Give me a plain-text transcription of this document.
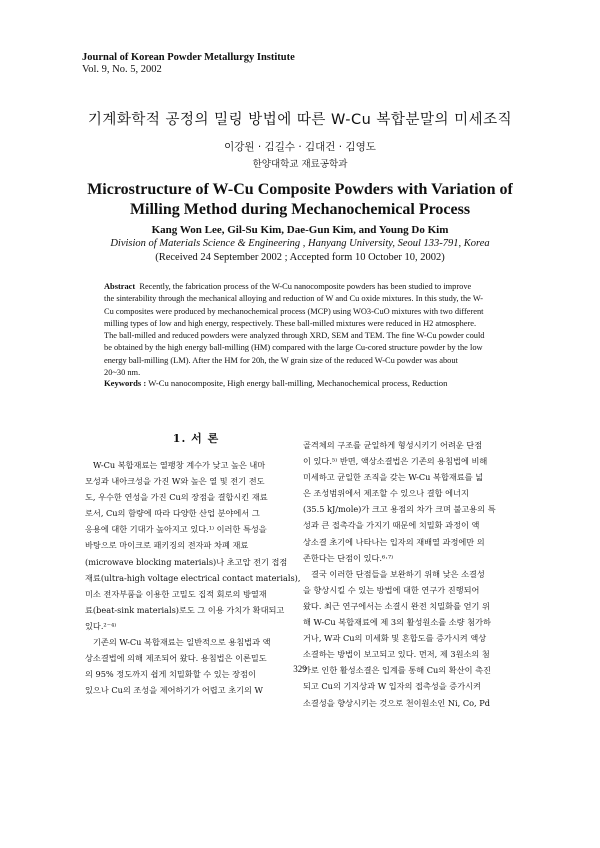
Journal of Korean Powder Metallurgy Institute
Vol. 9, No. 5, 2002
기계화학적 공정의 밀링 방법에 따른 W-Cu 복합분말의 미세조직
이강원 · 김길수 · 김대건 · 김영도
한양대학교 재료공학과
Microstructure of W-Cu Composite Powders with Variation of
Milling Method during Mechanochemical Process
Kang Won Lee, Gil-Su Kim, Dae-Gun Kim, and Young Do Kim
Division of Materials Science & Engineering , Hanyang University, Seoul 133-791, Korea
(Received 24 September 2002 ; Accepted form 10 October 10, 2002)
Abstract Recently, the fabrication process of the W-Cu nanocomposite powders has been studied to improve
the sinterability through the mechanical alloying and reduction of W and Cu oxide mixtures. In this study, the W-
Cu composites were produced by mechanochemical process (MCP) using WO3-CuO mixtures with two different
milling types of low and high energy, respectively. These ball-milled mixtures were reduced in H2 atmosphere.
The ball-milled and reduced powders were analyzed through XRD, SEM and TEM. The fine W-Cu powder could
be obtained by the high energy ball-milling (HM) compared with the large Cu-cored structure powder by the low
energy ball-milling (LM). After the HM for 20h, the W grain size of the reduced W-Cu powder was about
20~30 nm.
Keywords : W-Cu nanocomposite, High energy ball-milling, Mechanochemical process, Reduction
1. 서 론
W-Cu 복합재료는 열팽창 계수가 낮고 높은 내마
모성과 내아크성을 가진 W와 높은 열 및 전기 전도
도, 우수한 연성을 가진 Cu의 장점을 결합시킨 재료
로서, Cu의 함량에 따라 다양한 산업 분야에서 그
응용에 대한 기대가 높아지고 있다.¹⁾ 이러한 특성을
바탕으로 마이크로 패키징의 전자파 차폐 재료
(microwave blocking materials)나 초고압 전기 접점
재료(ultra-high voltage electrical contact materials),
미소 전자부품을 이용한 고밀도 집적 회로의 방열재
료(beat-sink materials)로도 그 이용 가치가 확대되고
있다.²⁻⁴⁾
기존의 W-Cu 복합재료는 일반적으로 용침법과 액
상소결법에 의해 제조되어 왔다. 용침법은 이론밀도
의 95% 정도까지 쉽게 치밀화할 수 있는 장점이
있으나 Cu의 조성을 제어하기가 어렵고 초기의 W
골격체의 구조를 균일하게 형성시키기 어려운 단점
이 있다.⁵⁾ 반면, 액상소결법은 기존의 용침법에 비해
미세하고 균일한 조직을 갖는 W-Cu 복합재료를 넓
은 조성범위에서 제조할 수 있으나 결합 에너지
(35.5 kJ/mole)가 크고 용점의 차가 크며 불고용의 특
성과 큰 접촉각을 가지기 때문에 치밀화 과정이 액
상소결 초기에 나타나는 입자의 재배열 과정에만 의
존한다는 단점이 있다.⁶·⁷⁾
결국 이러한 단점들을 보완하기 위해 낮은 소결성
을 향상시킬 수 있는 방법에 대한 연구가 진행되어
왔다. 최근 연구에서는 소결시 완전 치밀화를 얻기 위
해 W-Cu 복합재료에 제 3의 활성원소를 소량 첨가하
거나, W과 Cu의 미세화 및 혼합도를 증가시켜 액상
소결하는 방법이 보고되고 있다. 먼저, 제 3원소의 첨
가로 인한 활성소결은 입계를 통해 Cu의 확산이 촉진
되고 Cu의 기지상과 W 입자의 접촉성을 증가시켜
소결성을 향상시키는 것으로 천이원소인 Ni, Co, Pd
329
